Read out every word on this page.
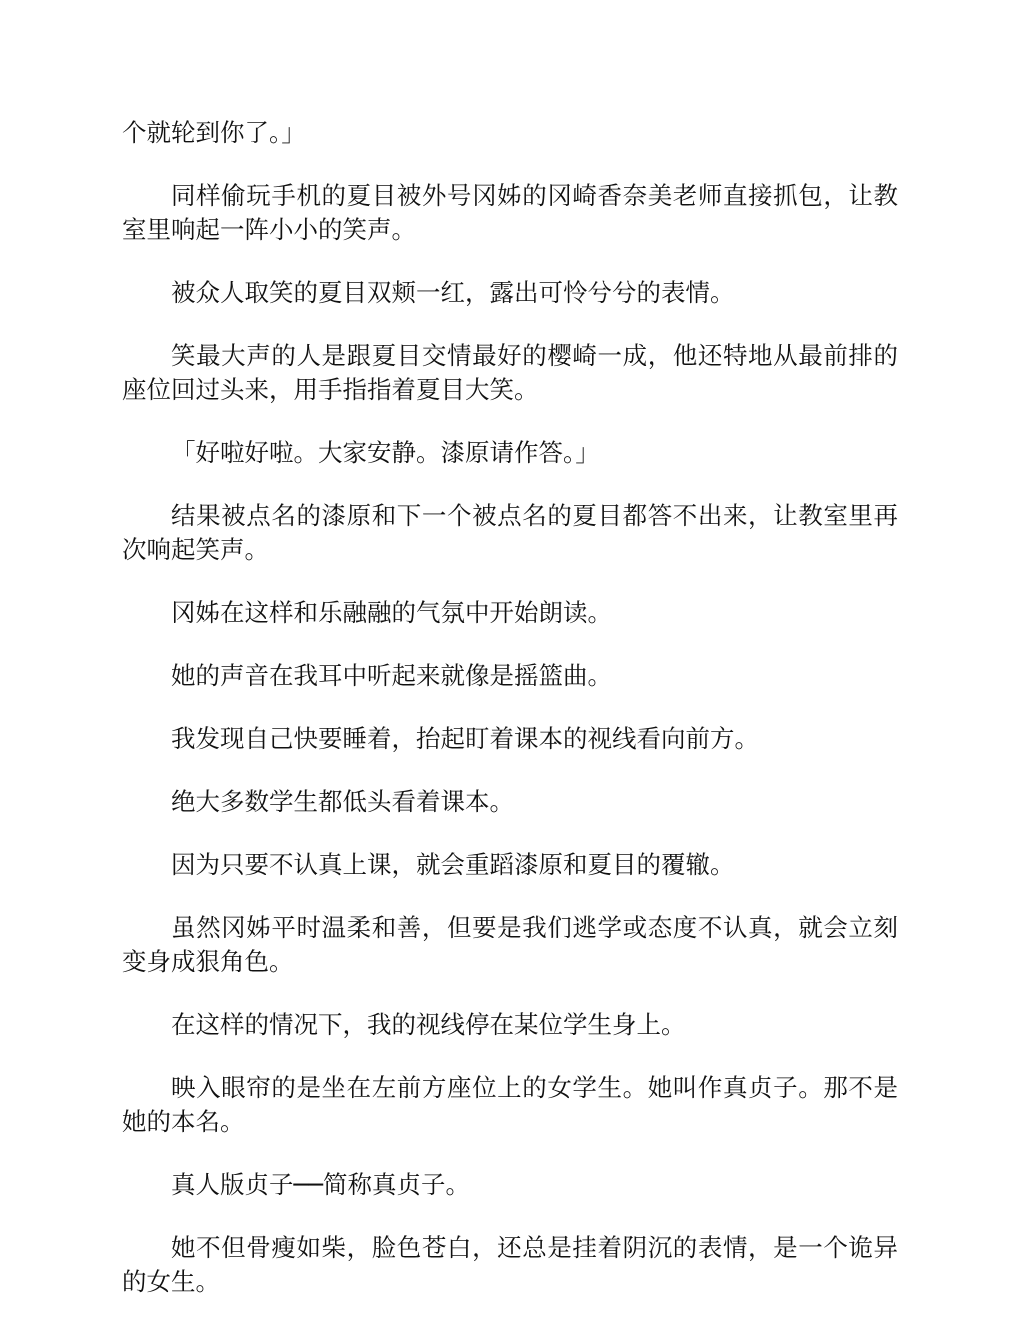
个就轮到你了。」

同样偷玩手机的夏目被外号冈姊的冈崎香奈美老师直接抓包，让教室里响起一阵小小的笑声。

被众人取笑的夏目双颊一红，露出可怜兮兮的表情。

笑最大声的人是跟夏目交情最好的樱崎一成，他还特地从最前排的座位回过头来，用手指指着夏目大笑。

「好啦好啦。大家安静。漆原请作答。」

结果被点名的漆原和下一个被点名的夏目都答不出来，让教室里再次响起笑声。

冈姊在这样和乐融融的气氛中开始朗读。

她的声音在我耳中听起来就像是摇篮曲。

我发现自己快要睡着，抬起盯着课本的视线看向前方。

绝大多数学生都低头看着课本。

因为只要不认真上课，就会重蹈漆原和夏目的覆辙。

虽然冈姊平时温柔和善，但要是我们逃学或态度不认真，就会立刻变身成狠角色。

在这样的情况下，我的视线停在某位学生身上。

映入眼帘的是坐在左前方座位上的女学生。她叫作真贞子。那不是她的本名。

真人版贞子──简称真贞子。

她不但骨瘦如柴，脸色苍白，还总是挂着阴沉的表情，是一个诡异的女生。
